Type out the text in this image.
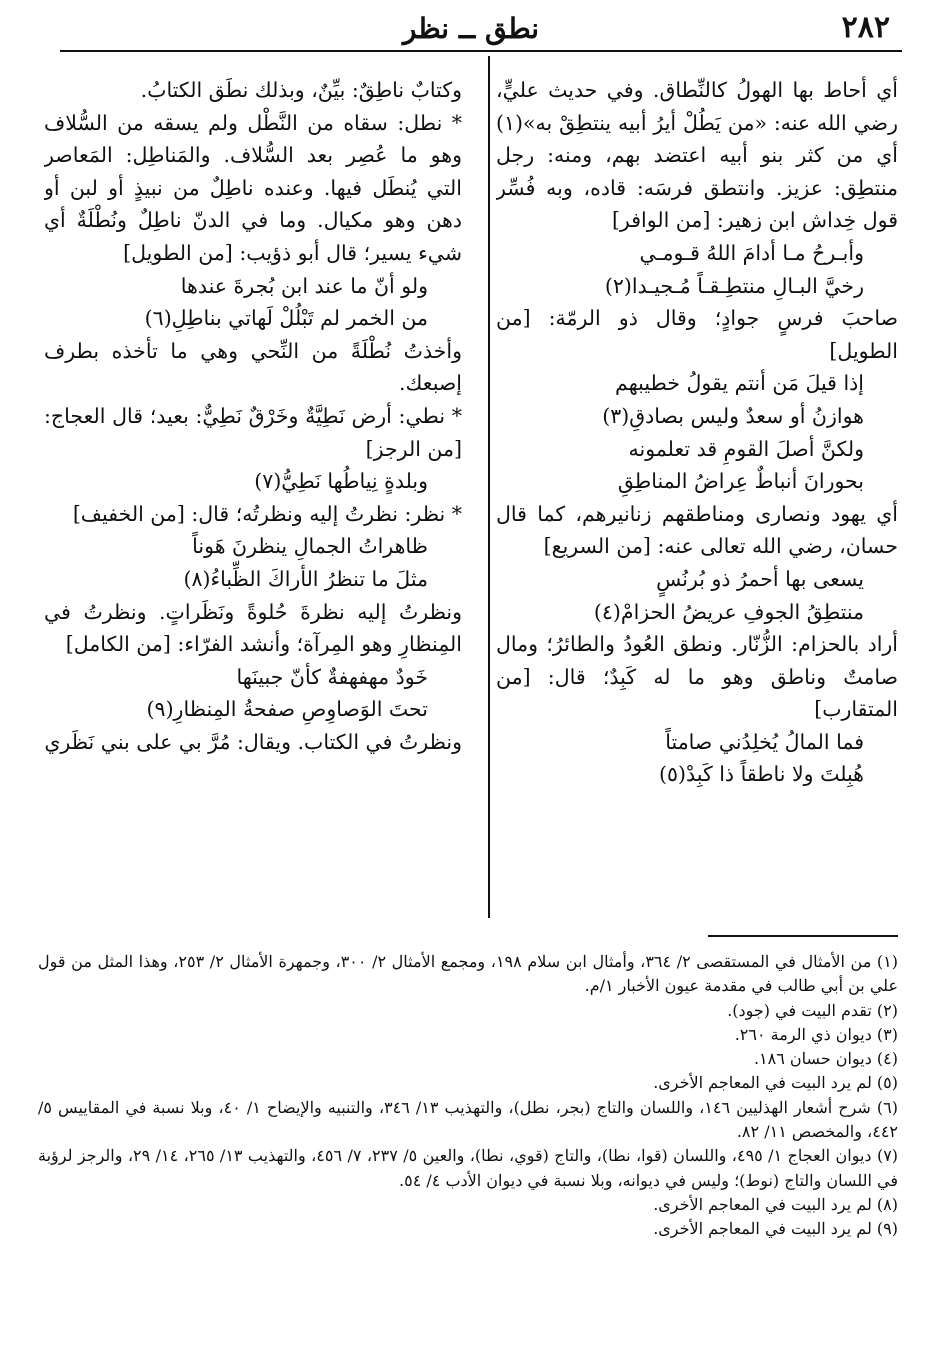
٢٨٢
نطق ــ نظر

أي أحاط بها الهولُ كالنِّطاق. وفي حديث عليٍّ، رضي الله عنه: «من يَطُلْ أيرُ أبيه ينتطِقْ به»(١) أي من كثر بنو أبيه اعتضد بهم، ومنه: رجل منتطِق: عزيز. وانتطق فرسَه: قاده، وبه فُسِّر قول خِداش ابن زهير: [من الوافر]

وأبـرحُ مـا أدامَ اللهُ قـومـي

رخيَّ البـالِ منتطِـقـاً مُـجيـدا(٢)

صاحبَ فرسٍ جوادٍ؛ وقال ذو الرمّة: [من الطويل]

إذا قيلَ مَن أنتم يقولُ خطيبهم

هوازنُ أو سعدٌ وليس بصادقِ(٣)

ولكنَّ أصلَ القومِ قد تعلمونه

بحورانَ أنباطٌ عِراضُ المناطِقِ

أي يهود ونصارى ومناطقهم زنانيرهم، كما قال حسان، رضي الله تعالى عنه: [من السريع]

يسعى بها أحمرُ ذو بُرنُسٍ

منتطِقُ الجوفِ عريضُ الحزامْ(٤)

أراد بالحزام: الزُّنّار. ونطق العُودُ والطائرُ؛ ومال صامتٌ وناطق وهو ما له كَبِدٌ؛ قال: [من المتقارب]

فما المالُ يُخلِدُني صامتاً

هُبِلتَ ولا ناطقاً ذا كَبِدْ(٥)

وكتابٌ ناطِقٌ: بيِّنٌ، وبذلك نطَق الكتابُ.

* نطل: سقاه من النَّطْل ولم يسقه من السُّلاف وهو ما عُصِر بعد السُّلاف. والمَناطِل: المَعاصر التي يُنطَل فيها. وعنده ناطِلٌ من نبيذٍ أو لبن أو دهن وهو مكيال. وما في الدنّ ناطِلٌ ونُطْلَةٌ أي شيء يسير؛ قال أبو ذؤيب: [من الطويل]

ولو أنّ ما عند ابن بُجرةَ عندها

من الخمر لم تَبْلُلْ لَهاتي بناطِلِ(٦)

وأخذتُ نُطْلَةً من النِّحي وهي ما تأخذه بطرف إصبعك.

* نطي: أرض نَطِيَّةٌ وخَرْقٌ نَطِيٌّ: بعيد؛ قال العجاج: [من الرجز]

وبلدةٍ نِياطُها نَطِيُّ(٧)

* نظر: نظرتُ إليه ونظرتُه؛ قال: [من الخفيف]

ظاهراتُ الجمالِ ينظرنَ هَوناً

مثلَ ما تنظرُ الأراكَ الظِّباءُ(٨)

ونظرتُ إليه نظرةَ حُلوةً ونَظَراتٍ. ونظرتُ في المِنظارِ وهو المِرآة؛ وأنشد الفرّاء: [من الكامل]

خَودٌ مهفهفةٌ كأنّ جبينَها

تحتَ الوَصاوِصِ صفحةُ المِنظارِ(٩)

ونظرتُ في الكتاب. ويقال: مُرَّ بي على بني نَظَري

(١) من الأمثال في المستقصى ٢/ ٣٦٤، وأمثال ابن سلام ١٩٨، ومجمع الأمثال ٢/ ٣٠٠، وجمهرة الأمثال ٢/ ٢٥٣، وهذا المثل من قول علي بن أبي طالب في مقدمة عيون الأخبار ١/م.

(٢) تقدم البيت في (جود).

(٣) ديوان ذي الرمة ٢٦٠.

(٤) ديوان حسان ١٨٦.

(٥) لم يرد البيت في المعاجم الأخرى.

(٦) شرح أشعار الهذليين ١٤٦، واللسان والتاج (بجر، نطل)، والتهذيب ١٣/ ٣٤٦، والتنبيه والإيضاح ١/ ٤٠، وبلا نسبة في المقاييس ٥/ ٤٤٢، والمخصص ١١/ ٨٢.

(٧) ديوان العجاج ١/ ٤٩٥، واللسان (قوا، نطا)، والتاج (قوي، نطا)، والعين ٥/ ٢٣٧، ٧/ ٤٥٦، والتهذيب ١٣/ ٢٦٥، ١٤/ ٢٩، والرجز لرؤبة في اللسان والتاج (نوط)؛ وليس في ديوانه، وبلا نسبة في ديوان الأدب ٤/ ٥٤.

(٨) لم يرد البيت في المعاجم الأخرى.

(٩) لم يرد البيت في المعاجم الأخرى.
